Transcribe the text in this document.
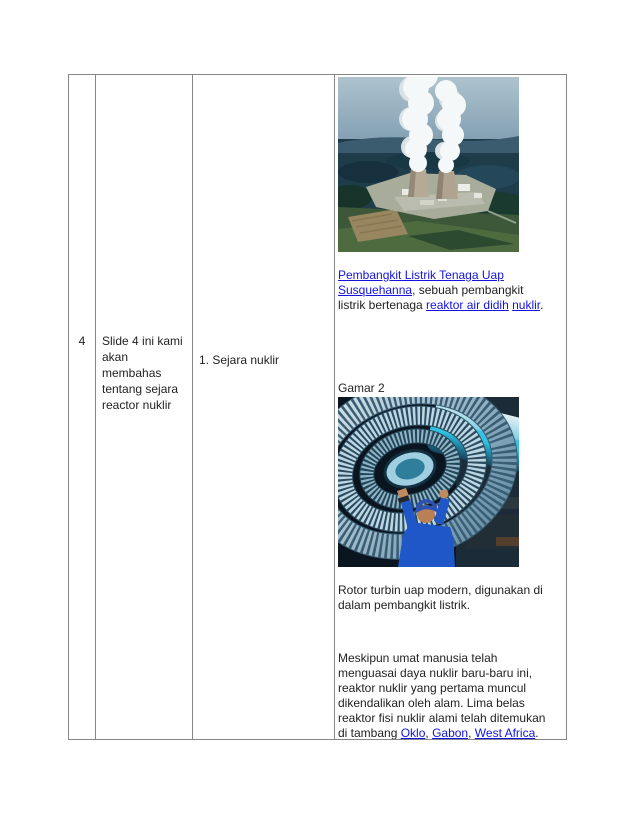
4	Slide 4 ini kami akan membahas tentang sejara reactor nuklir
1. Sejara nuklir

Pembangkit Listrik Tenaga Uap Susquehanna, sebuah pembangkit listrik bertenaga reaktor air didih nuklir.

Gamar 2

Rotor turbin uap modern, digunakan di dalam pembangkit listrik.

Meskipun umat manusia telah menguasai daya nuklir baru-baru ini, reaktor nuklir yang pertama muncul dikendalikan oleh alam. Lima belas reaktor fisi nuklir alami telah ditemukan di tambang Oklo, Gabon, West Africa.
